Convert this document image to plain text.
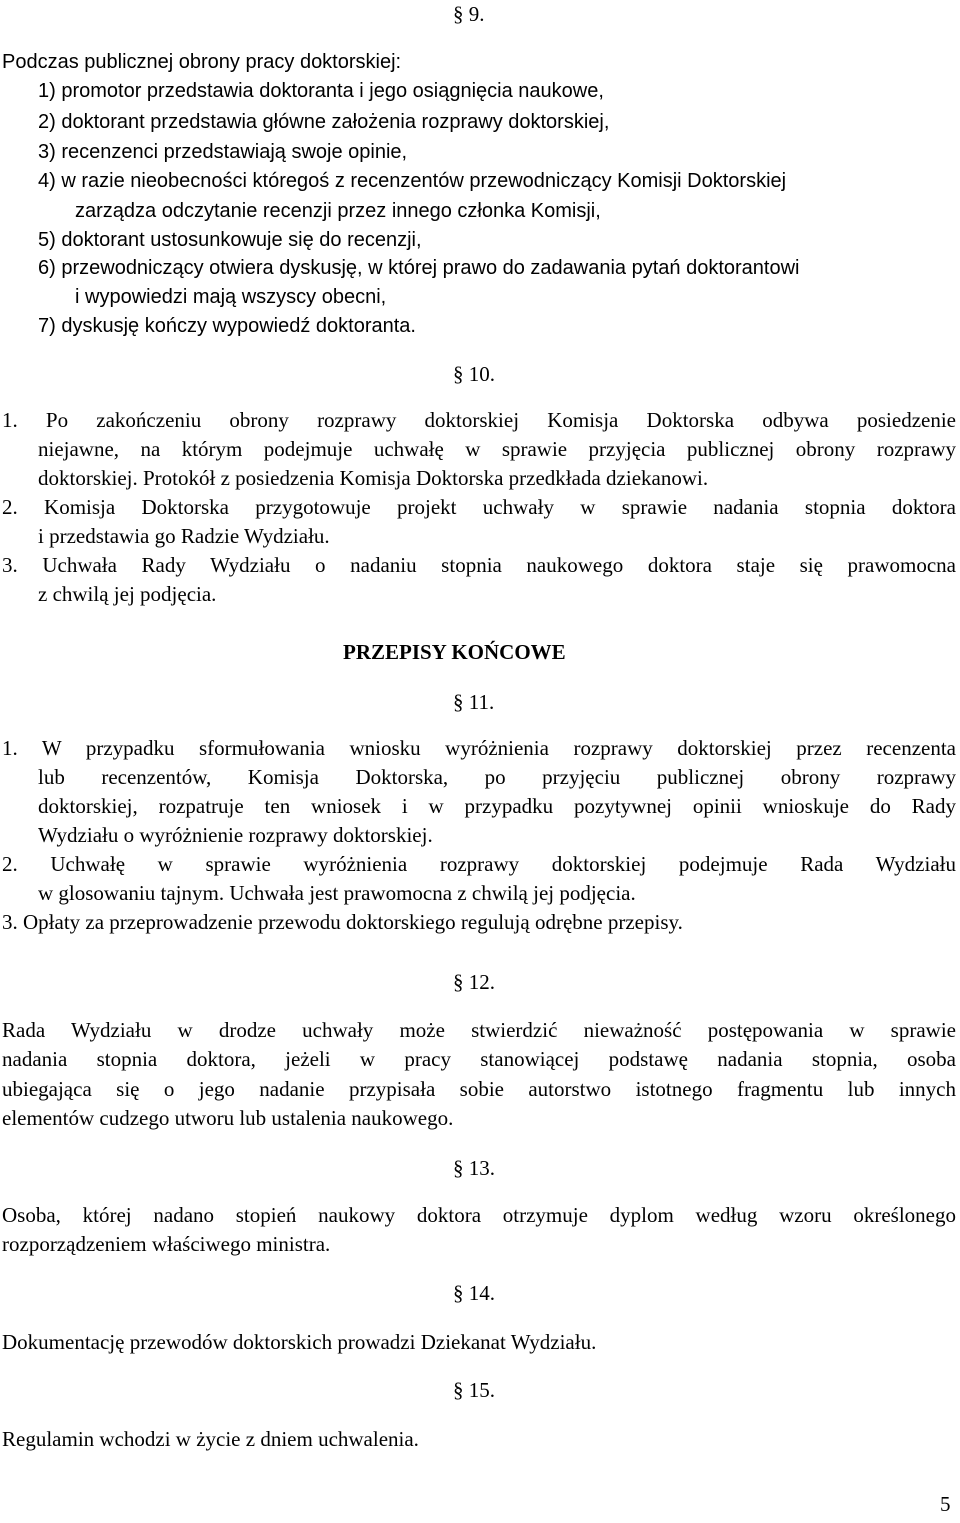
§ 9.
Podczas publicznej obrony pracy doktorskiej:
1) promotor przedstawia doktoranta i jego osiągnięcia naukowe,
2) doktorant przedstawia główne założenia rozprawy doktorskiej,
3) recenzenci przedstawiają swoje opinie,
4) w razie nieobecności któregoś z recenzentów przewodniczący Komisji Doktorskiej
zarządza odczytanie recenzji przez innego członka Komisji,
5) doktorant ustosunkowuje się do recenzji,
6) przewodniczący otwiera dyskusję, w której prawo do zadawania pytań doktorantowi
i wypowiedzi mają wszyscy obecni,
7) dyskusję kończy wypowiedź doktoranta.
§ 10.
1. Po zakończeniu obrony rozprawy doktorskiej Komisja Doktorska odbywa posiedzenie
niejawne, na którym podejmuje uchwałę w sprawie przyjęcia publicznej obrony rozprawy
doktorskiej. Protokół z posiedzenia Komisja Doktorska przedkłada dziekanowi.
2. Komisja Doktorska przygotowuje projekt uchwały w sprawie nadania stopnia doktora
i przedstawia go Radzie Wydziału.
3. Uchwała Rady Wydziału o nadaniu stopnia naukowego doktora staje się prawomocna
z chwilą jej podjęcia.
PRZEPISY KOŃCOWE
§ 11.
1. W przypadku sformułowania wniosku wyróżnienia rozprawy doktorskiej przez recenzenta
lub recenzentów, Komisja Doktorska, po przyjęciu publicznej obrony rozprawy
doktorskiej, rozpatruje ten wniosek i w przypadku pozytywnej opinii wnioskuje do Rady
Wydziału o wyróżnienie rozprawy doktorskiej.
2. Uchwałę w sprawie wyróżnienia rozprawy doktorskiej podejmuje Rada Wydziału
w glosowaniu tajnym. Uchwała jest prawomocna z chwilą jej podjęcia.
3. Opłaty za przeprowadzenie przewodu doktorskiego regulują odrębne przepisy.
§ 12.
Rada Wydziału w drodze uchwały może stwierdzić nieważność postępowania w sprawie
nadania stopnia doktora, jeżeli w pracy stanowiącej podstawę nadania stopnia, osoba
ubiegająca się o jego nadanie przypisała sobie autorstwo istotnego fragmentu lub innych
elementów cudzego utworu lub ustalenia naukowego.
§ 13.
Osoba, której nadano stopień naukowy doktora otrzymuje dyplom według wzoru określonego
rozporządzeniem właściwego ministra.
§ 14.
Dokumentację przewodów doktorskich prowadzi Dziekanat Wydziału.
§ 15.
Regulamin wchodzi w życie z dniem uchwalenia.
5
